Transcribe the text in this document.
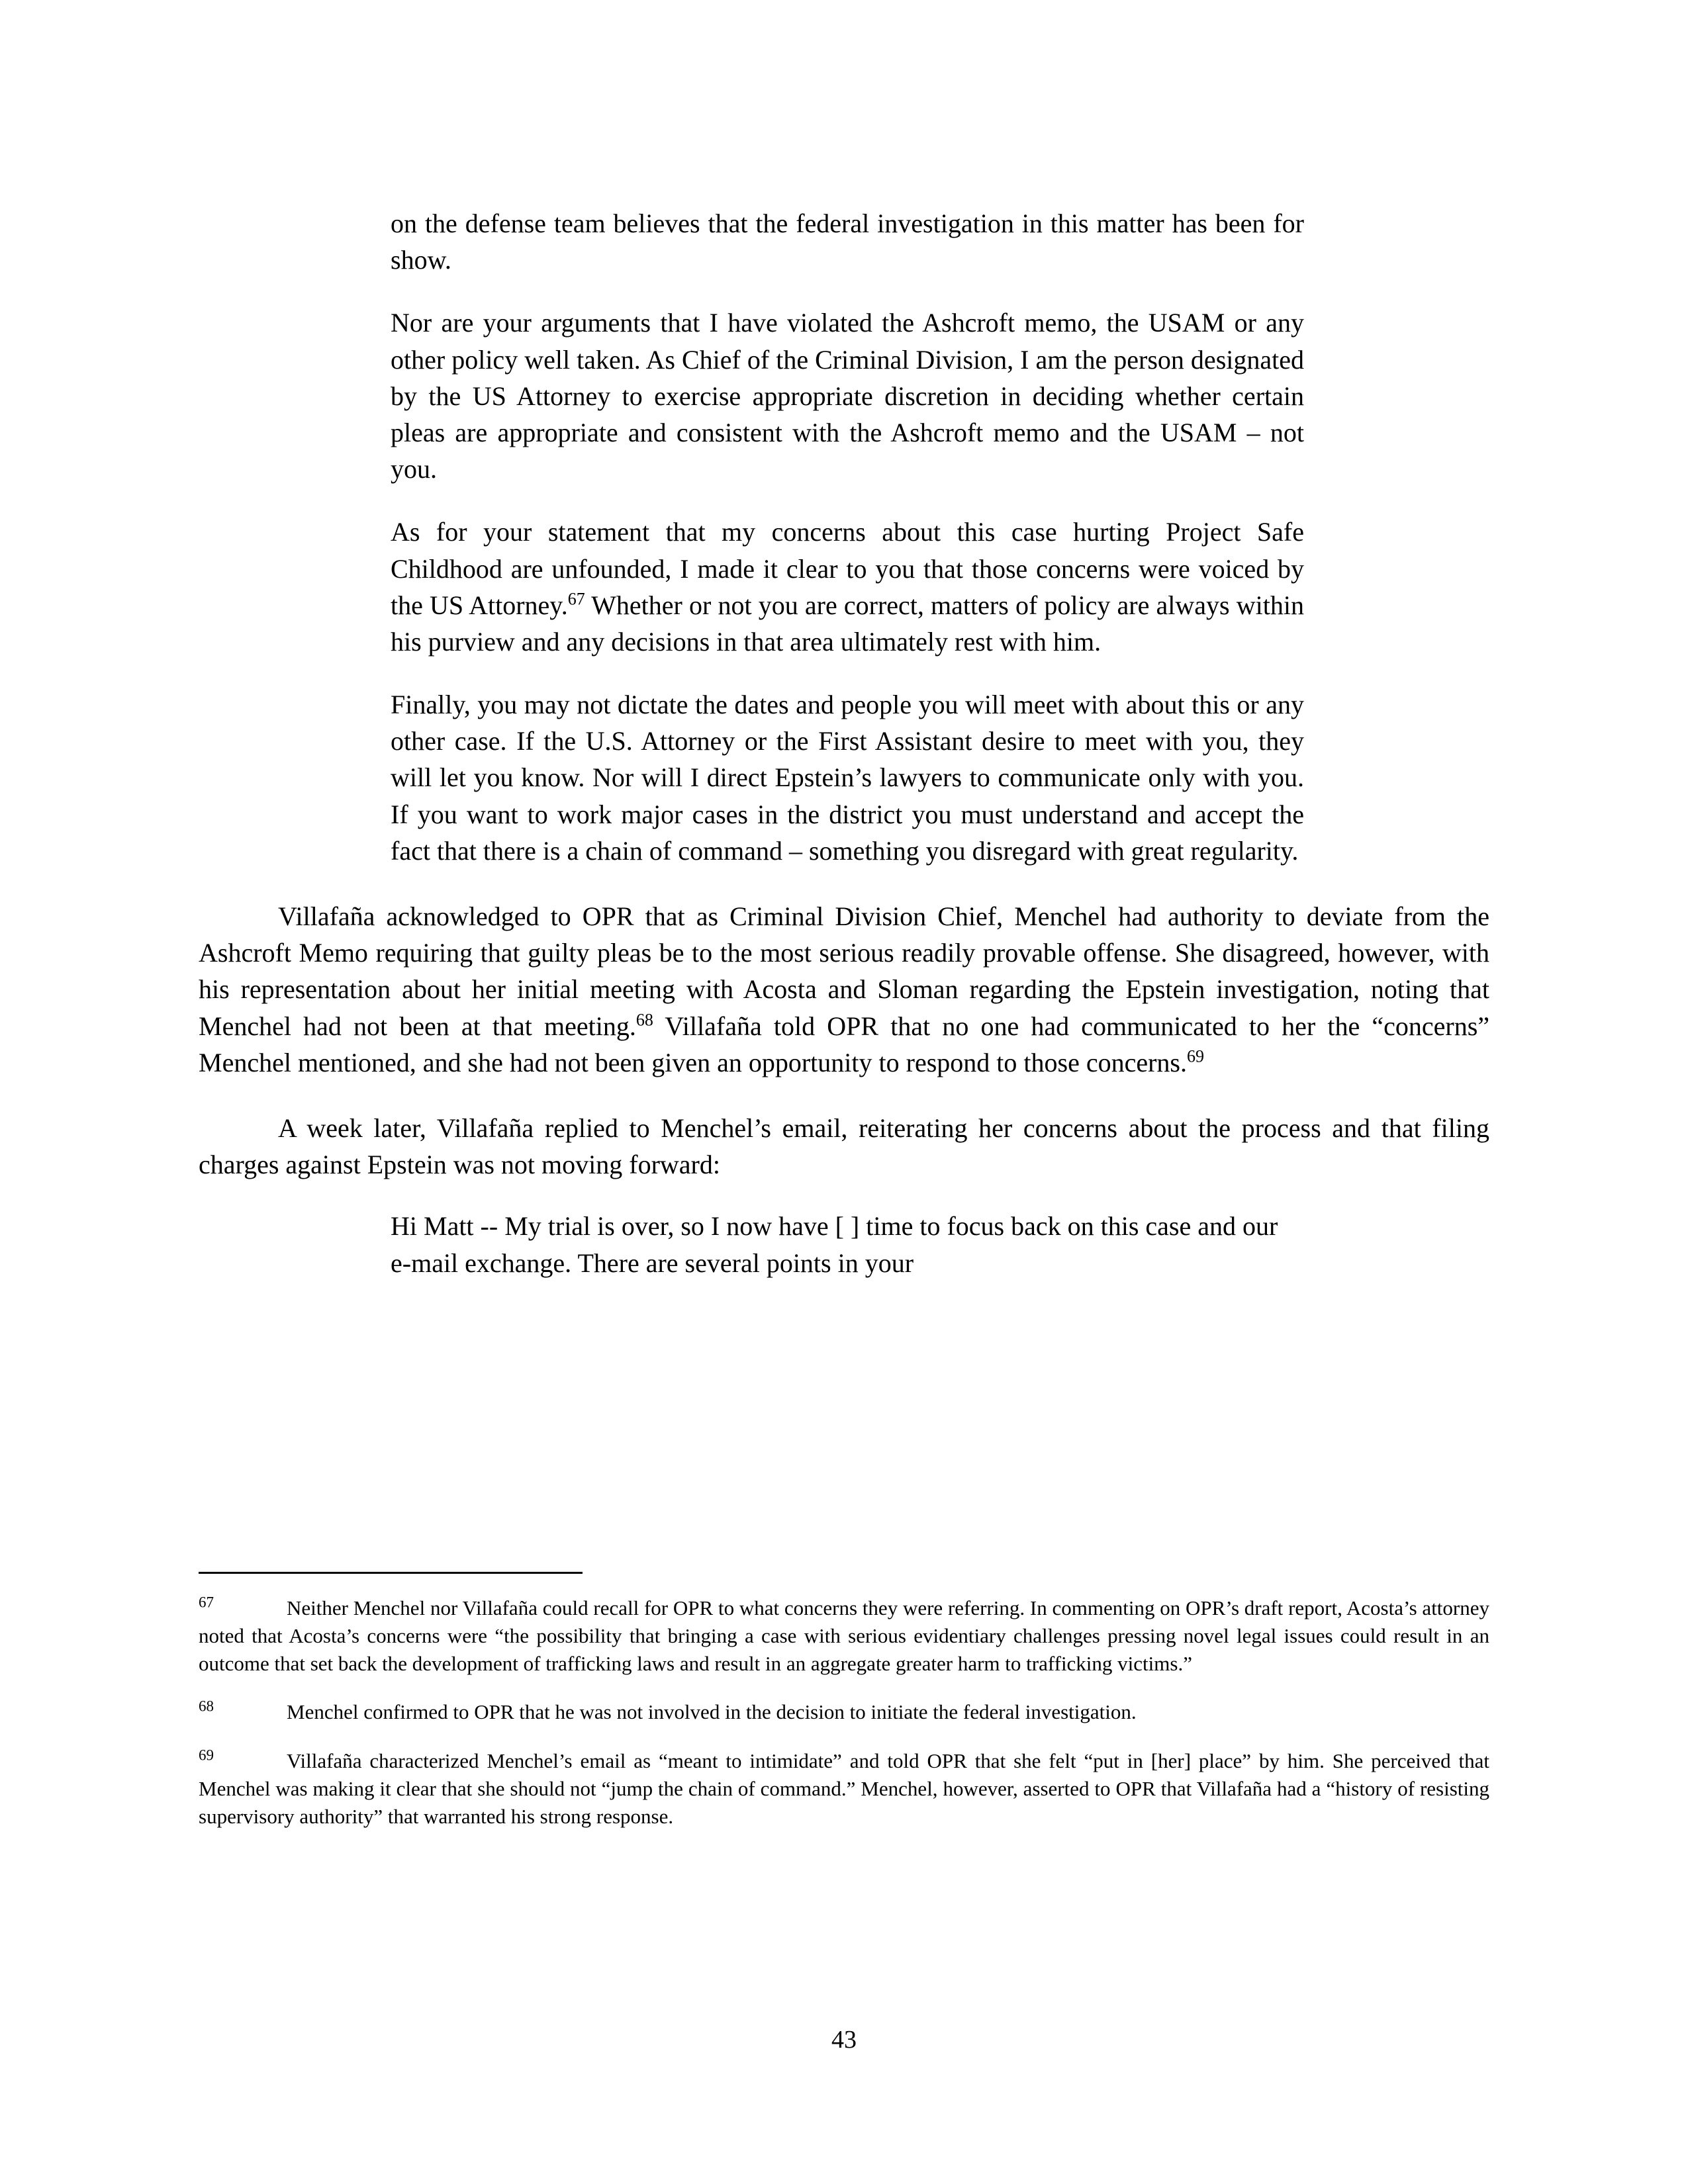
on the defense team believes that the federal investigation in this matter has been for show.

Nor are your arguments that I have violated the Ashcroft memo, the USAM or any other policy well taken. As Chief of the Criminal Division, I am the person designated by the US Attorney to exercise appropriate discretion in deciding whether certain pleas are appropriate and consistent with the Ashcroft memo and the USAM – not you.

As for your statement that my concerns about this case hurting Project Safe Childhood are unfounded, I made it clear to you that those concerns were voiced by the US Attorney.$^{67}$ Whether or not you are correct, matters of policy are always within his purview and any decisions in that area ultimately rest with him.

Finally, you may not dictate the dates and people you will meet with about this or any other case. If the U.S. Attorney or the First Assistant desire to meet with you, they will let you know. Nor will I direct Epstein’s lawyers to communicate only with you. If you want to work major cases in the district you must understand and accept the fact that there is a chain of command – something you disregard with great regularity.

Villafaña acknowledged to OPR that as Criminal Division Chief, Menchel had authority to deviate from the Ashcroft Memo requiring that guilty pleas be to the most serious readily provable offense. She disagreed, however, with his representation about her initial meeting with Acosta and Sloman regarding the Epstein investigation, noting that Menchel had not been at that meeting.$^{68}$ Villafaña told OPR that no one had communicated to her the “concerns” Menchel mentioned, and she had not been given an opportunity to respond to those concerns.$^{69}$

A week later, Villafaña replied to Menchel’s email, reiterating her concerns about the process and that filing charges against Epstein was not moving forward:

Hi Matt -- My trial is over, so I now have [ ] time to focus back on this case and our e-mail exchange. There are several points in your

$^{67}$	Neither Menchel nor Villafaña could recall for OPR to what concerns they were referring. In commenting on OPR’s draft report, Acosta’s attorney noted that Acosta’s concerns were “the possibility that bringing a case with serious evidentiary challenges pressing novel legal issues could result in an outcome that set back the development of trafficking laws and result in an aggregate greater harm to trafficking victims.”

$^{68}$	Menchel confirmed to OPR that he was not involved in the decision to initiate the federal investigation.

$^{69}$	Villafaña characterized Menchel’s email as “meant to intimidate” and told OPR that she felt “put in [her] place” by him. She perceived that Menchel was making it clear that she should not “jump the chain of command.” Menchel, however, asserted to OPR that Villafaña had a “history of resisting supervisory authority” that warranted his strong response.

43
